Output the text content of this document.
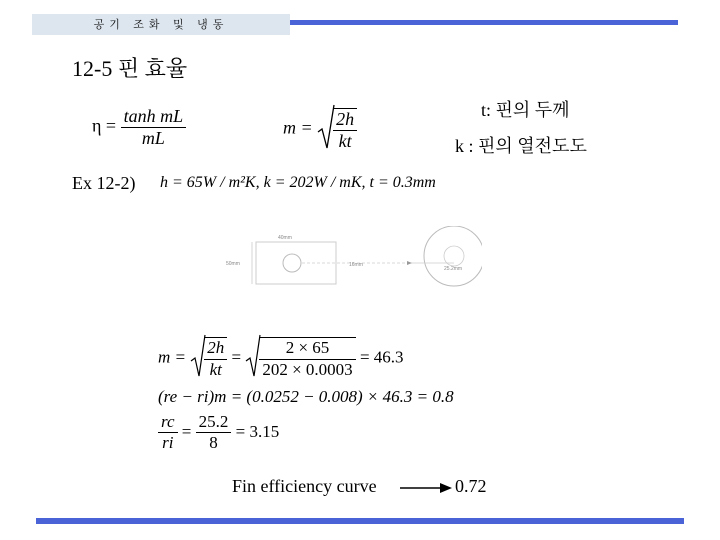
공기 조화 및 냉동
12-5 핀 효율
$\eta = \frac{\text{tanh mL}}{mL}$	$m = \frac{2h}{kt}$	t: 핀의 두께
k : 핀의 열전도도
Ex 12-2) h = 65W / m²K, k = 202W / mK, t = 0.3mm
40mm
50mm	16mm
25.2mm
$m = \frac{2h}{kt} = \frac{2 \times 65}{202 \times 0.0003} = 46.3$
(re − ri)m = (0.0252 − 0.008) × 46.3 = 0.8
$\frac{rc}{ri} = \frac{25.2}{8} = 3.15$
Fin efficiency curve	0.72
